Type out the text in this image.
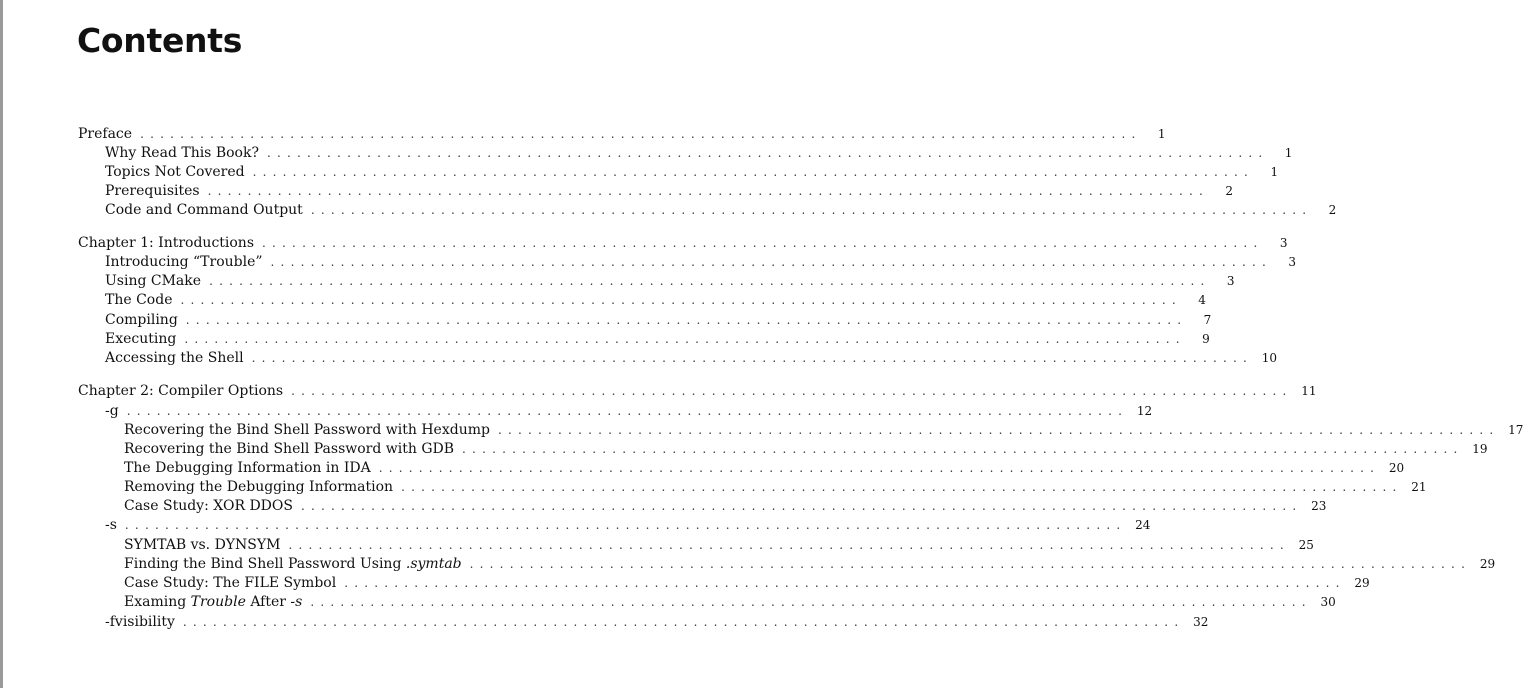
Contents
Preface ....................................................................................................	1
Why Read This Book? ....................................................................................................	1
Topics Not Covered ....................................................................................................	1
Prerequisites ....................................................................................................	2
Code and Command Output ....................................................................................................	2
Chapter 1: Introductions ....................................................................................................	3
Introducing “Trouble” ....................................................................................................	3
Using CMake ....................................................................................................	3
The Code ....................................................................................................	4
Compiling ....................................................................................................	7
Executing ....................................................................................................	9
Accessing the Shell .................................................................................................... 10
Chapter 2: Compiler Options .................................................................................................... 11
-g .................................................................................................... 12
Recovering the Bind Shell Password with Hexdump .................................................................................................... 17
Recovering the Bind Shell Password with GDB .................................................................................................... 19
The Debugging Information in IDA .................................................................................................... 20
Removing the Debugging Information .................................................................................................... 21
Case Study: XOR DDOS .................................................................................................... 23
-s .................................................................................................... 24
SYMTAB vs. DYNSYM .................................................................................................... 25
Finding the Bind Shell Password Using .symtab .................................................................................................... 29
Case Study: The FILE Symbol .................................................................................................... 29
Examing Trouble After -s .................................................................................................... 30
-fvisibility .................................................................................................... 32
